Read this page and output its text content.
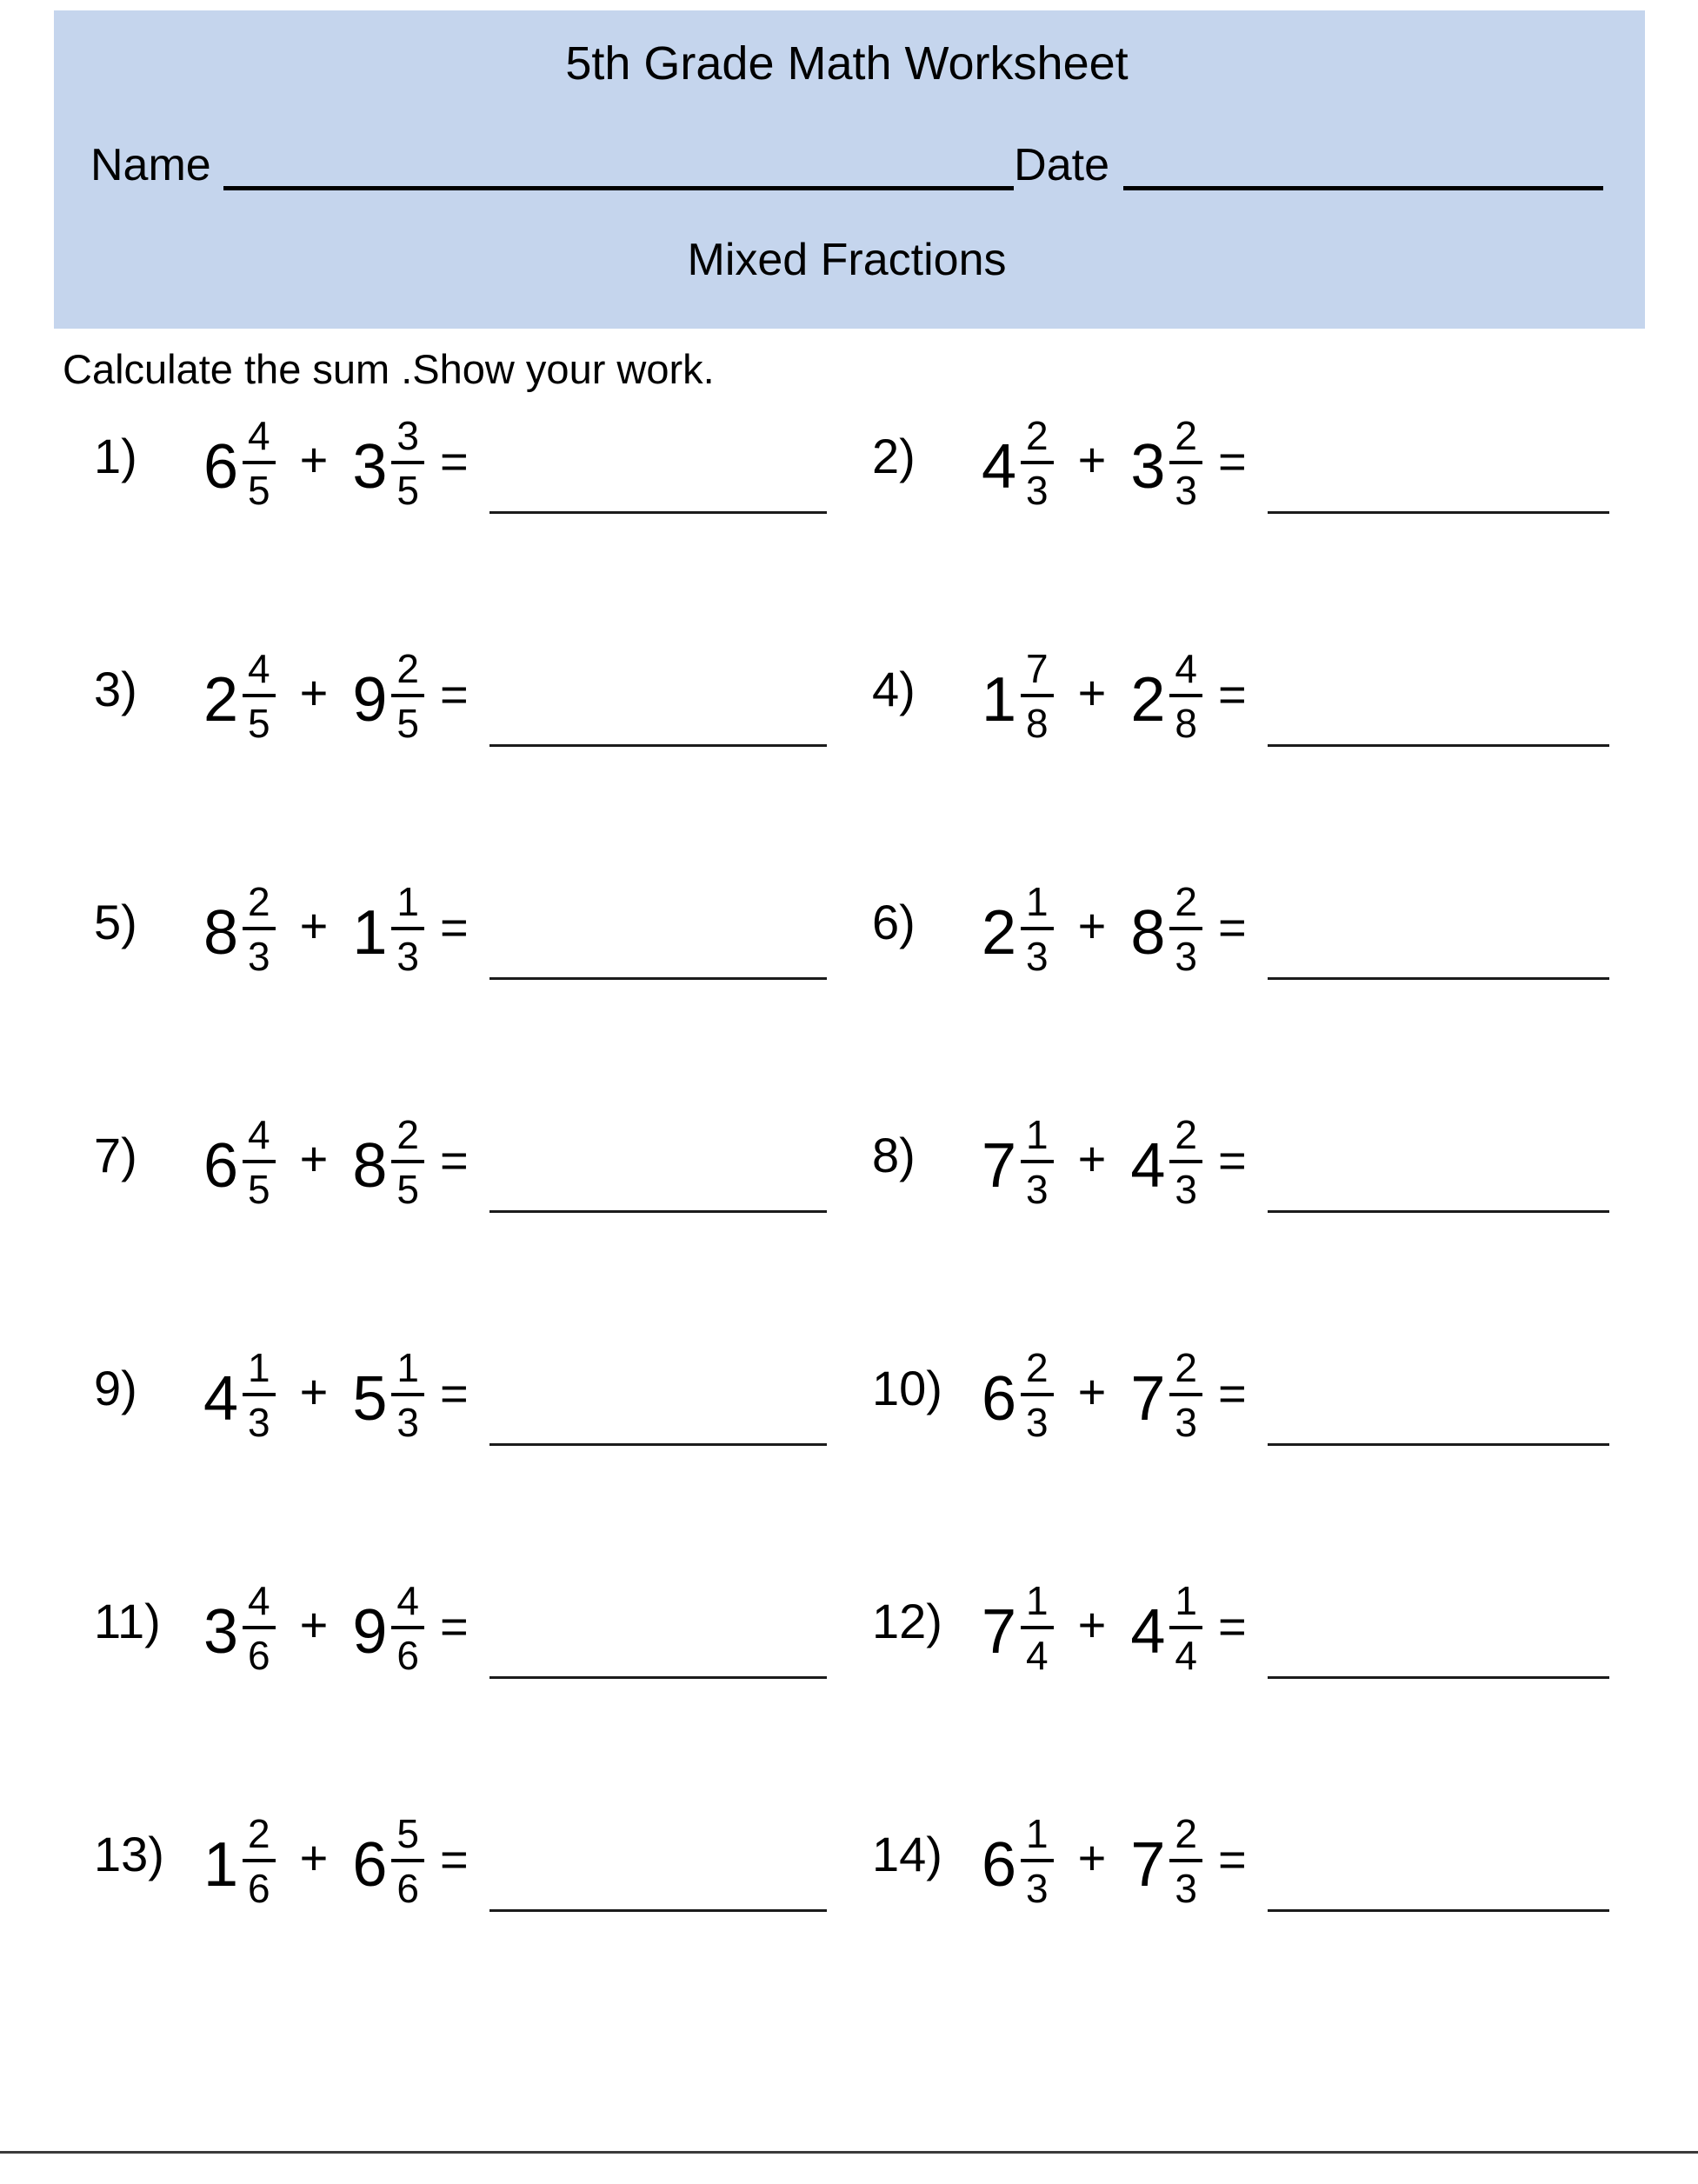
5th Grade Math Worksheet
Name	Date
Mixed Fractions
Calculate the sum .Show your work.
1)	$6 \frac{4}{5} + 3 \frac{3}{5}$ =	2)	$4 \frac{2}{3} + 3 \frac{2}{3}$ =
3)	$2 \frac{4}{5} + 9 \frac{2}{5}$ =	4)	$1 \frac{7}{8} + 2 \frac{4}{8}$ =
5)	$8 \frac{2}{3} + 1 \frac{1}{3}$ =	6)	$2 \frac{1}{3} + 8 \frac{2}{3}$ =
7)	$6 \frac{4}{5} + 8 \frac{2}{5}$ =	8)	$7 \frac{1}{3} + 4 \frac{2}{3}$ =
9)	$4 \frac{1}{3} + 5 \frac{1}{3}$ =	10) $6 \frac{2}{3} + 7 \frac{2}{3}$ =
11) $3 \frac{4}{6} + 9 \frac{4}{6}$ =	12) $7 \frac{1}{4} + 4 \frac{1}{4}$ =
13) $1 \frac{2}{6} + 6 \frac{5}{6}$ =	14) $6 \frac{1}{3} + 7 \frac{2}{3}$ =
